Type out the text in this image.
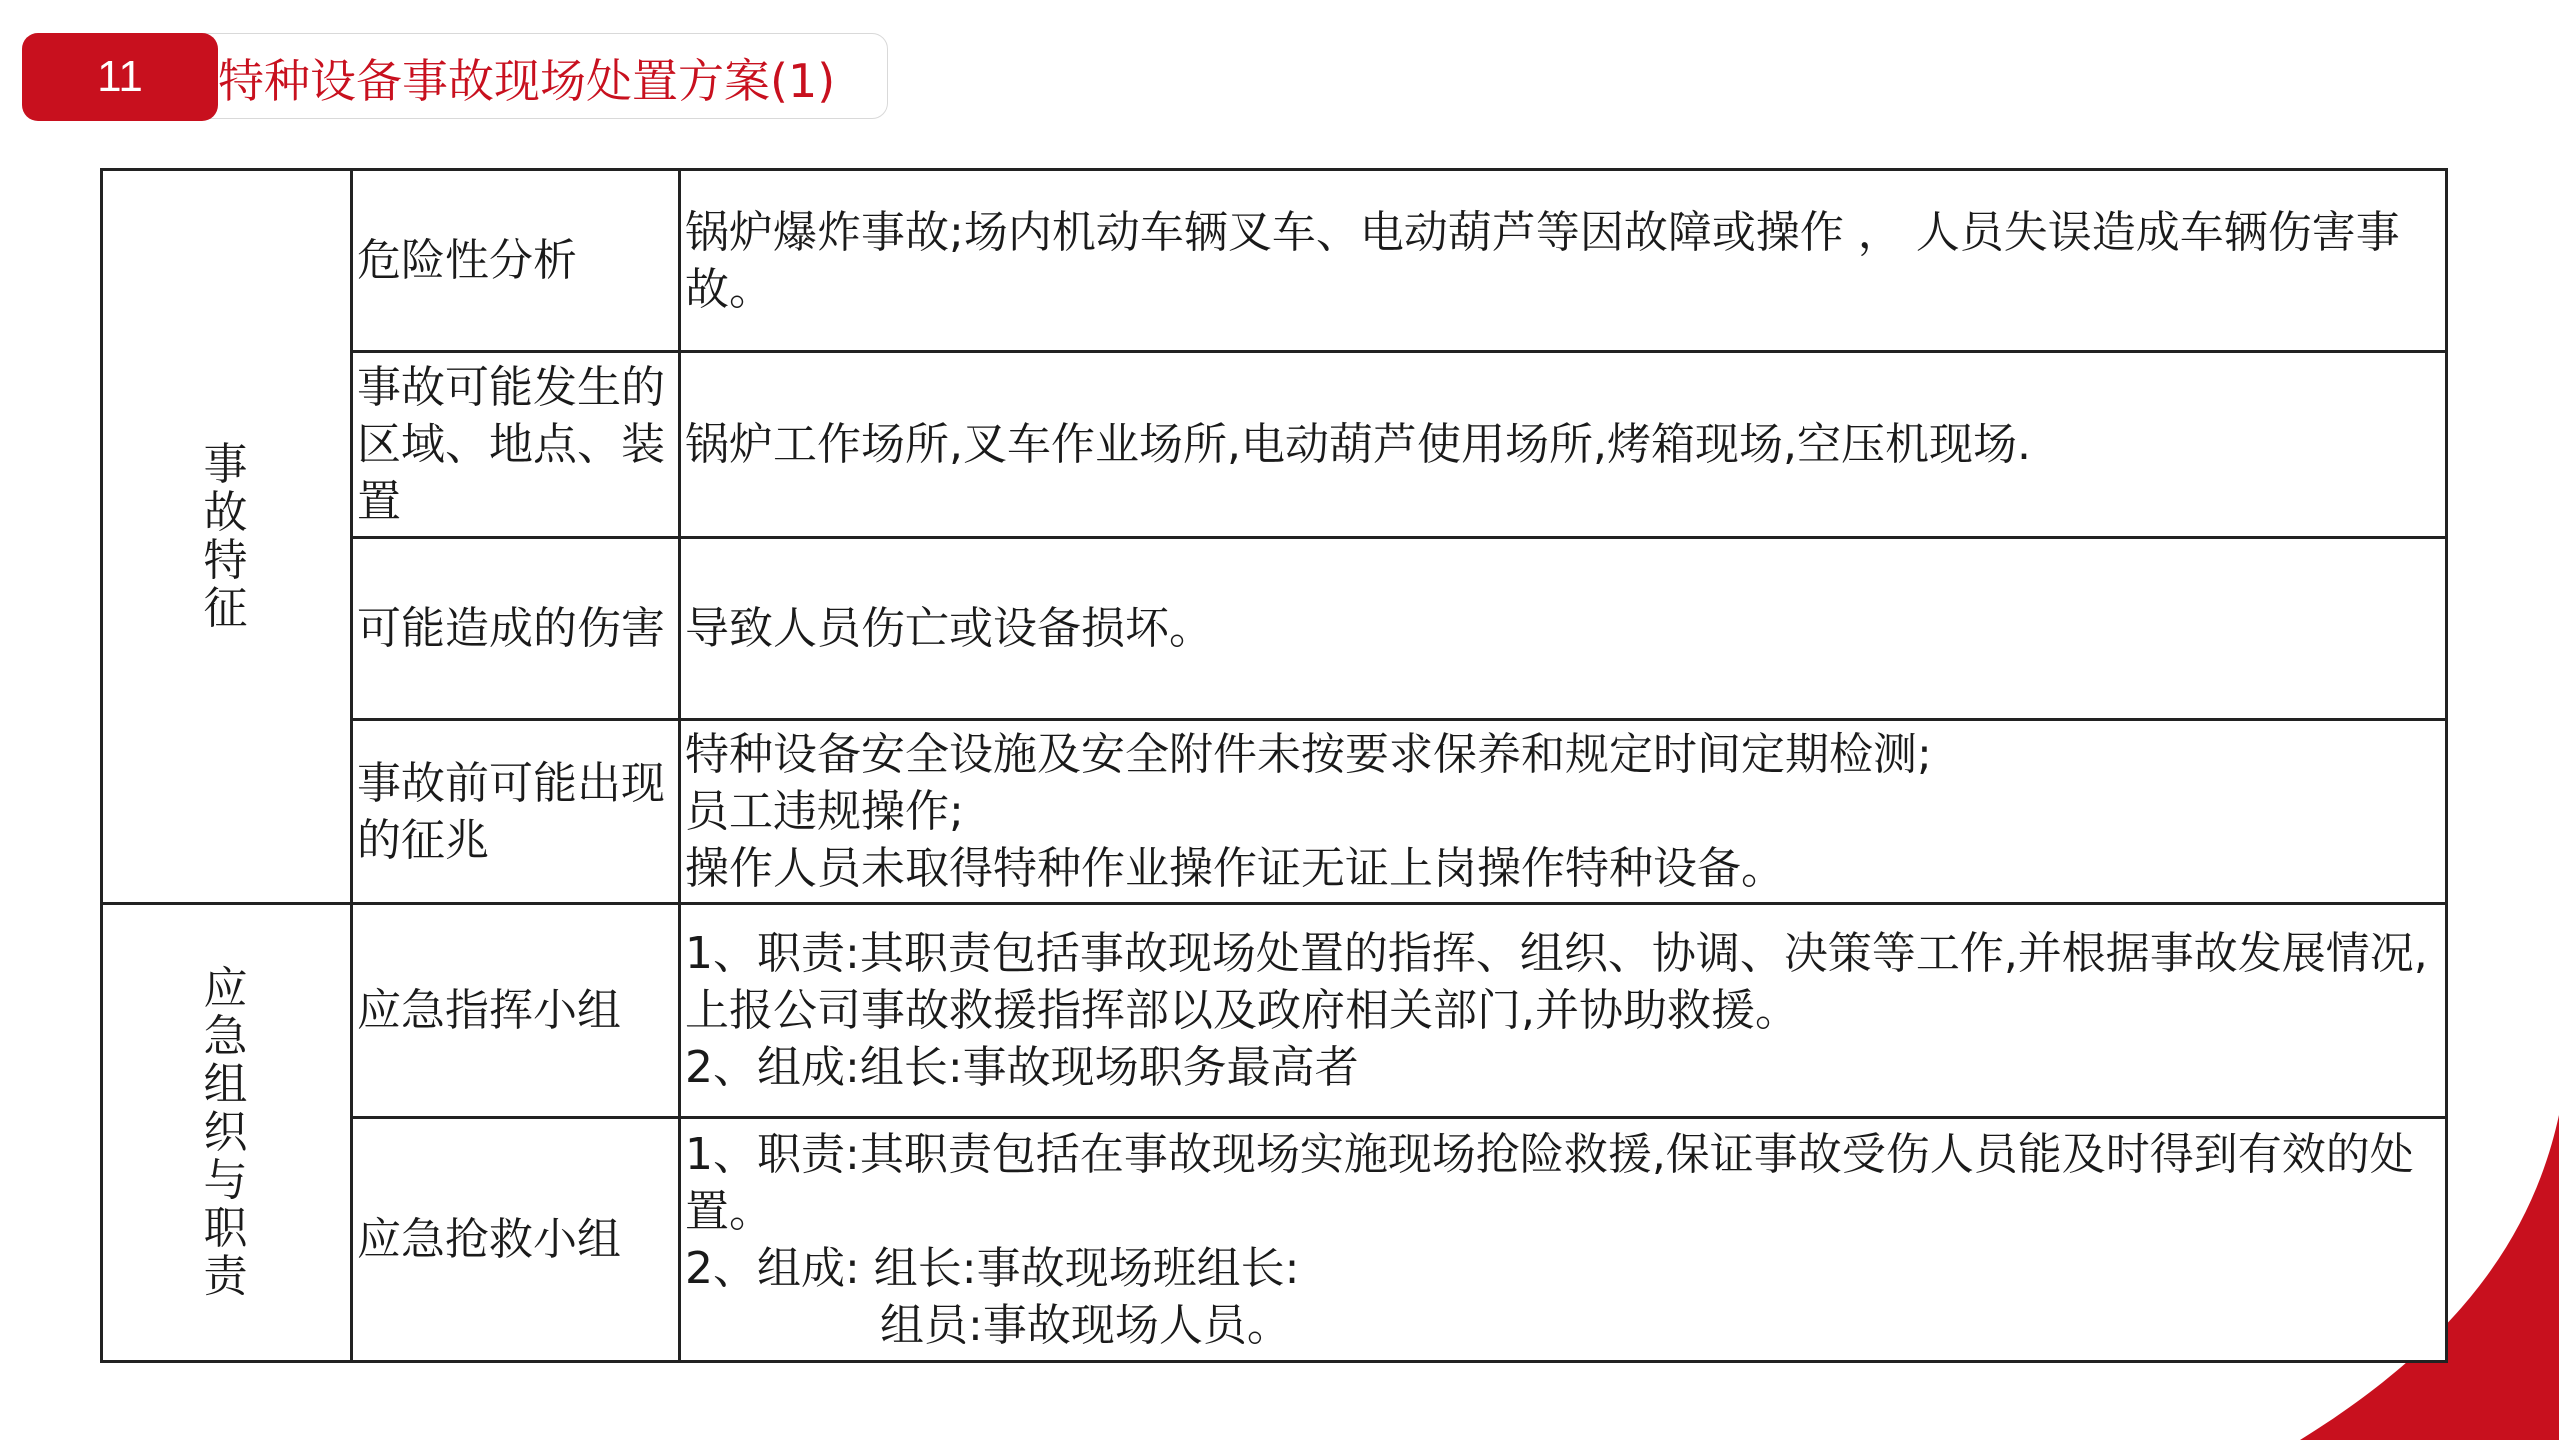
11	特种设备事故现场处置方案(1)
事故特征	危险性分析	锅炉爆炸事故;场内机动车辆叉车、电动葫芦等因故障或操作 ， 人员失误造成车辆伤害事故。

	事故可能发生的区域、地点、装置	锅炉工作场所,叉车作业场所,电动葫芦使用场所,烤箱现场,空压机现场.

	可能造成的伤害	导致人员伤亡或设备损坏。

	事故前可能出现的征兆	特种设备安全设施及安全附件未按要求保养和规定时间定期检测;
员工违规操作;
操作人员未取得特种作业操作证无证上岗操作特种设备。

应急组织与职责	应急指挥小组	1、职责:其职责包括事故现场处置的指挥、组织、协调、决策等工作,并根据事故发展情况,上报公司事故救援指挥部以及政府相关部门,并协助救援。
2、组成:组长:事故现场职务最高者

	应急抢救小组	1、职责:其职责包括在事故现场实施现场抢险救援,保证事故受伤人员能及时得到有效的处置。
2、组成: 组长:事故现场班组长:
组员:事故现场人员。
